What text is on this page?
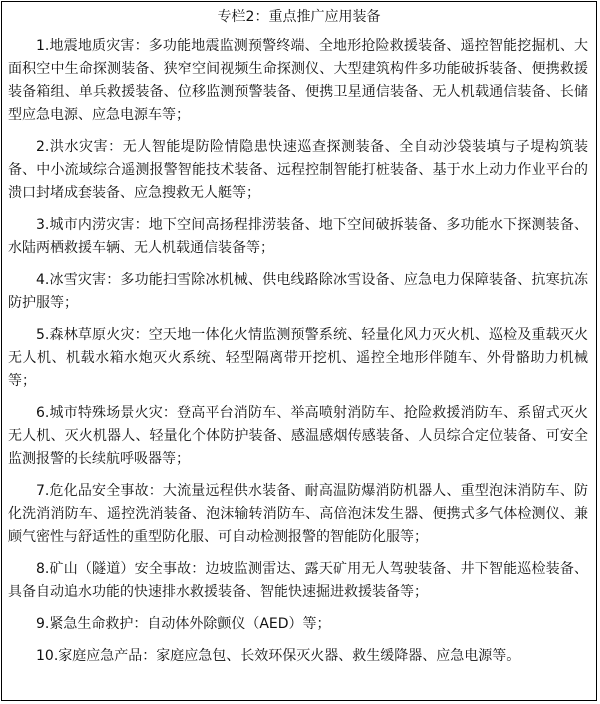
专栏2：重点推广应用装备

1.地震地质灾害：多功能地震监测预警终端、全地形抢险救援装备、遥控智能挖掘机、大面积空中生命探测装备、狭窄空间视频生命探测仪、大型建筑构件多功能破拆装备、便携救援装备箱组、单兵救援装备、位移监测预警装备、便携卫星通信装备、无人机载通信装备、长储型应急电源、应急电源车等；

2.洪水灾害：无人智能堤防险情隐患快速巡查探测装备、全自动沙袋装填与子堤构筑装备、中小流域综合遥测报警智能技术装备、远程控制智能打桩装备、基于水上动力作业平台的溃口封堵成套装备、应急搜救无人艇等；

3.城市内涝灾害：地下空间高扬程排涝装备、地下空间破拆装备、多功能水下探测装备、水陆两栖救援车辆、无人机载通信装备等；

4.冰雪灾害：多功能扫雪除冰机械、供电线路除冰雪设备、应急电力保障装备、抗寒抗冻防护服等；

5.森林草原火灾：空天地一体化火情监测预警系统、轻量化风力灭火机、巡检及重载灭火无人机、机载水箱水炮灭火系统、轻型隔离带开挖机、遥控全地形伴随车、外骨骼助力机械等；

6.城市特殊场景火灾：登高平台消防车、举高喷射消防车、抢险救援消防车、系留式灭火无人机、灭火机器人、轻量化个体防护装备、感温感烟传感装备、人员综合定位装备、可安全监测报警的长续航呼吸器等；

7.危化品安全事故：大流量远程供水装备、耐高温防爆消防机器人、重型泡沫消防车、防化洗消消防车、遥控洗消装备、泡沫输转消防车、高倍泡沫发生器、便携式多气体检测仪、兼顾气密性与舒适性的重型防化服、可自动检测报警的智能防化服等；

8.矿山（隧道）安全事故：边坡监测雷达、露天矿用无人驾驶装备、井下智能巡检装备、具备自动追水功能的快速排水救援装备、智能快速掘进救援装备等；

9.紧急生命救护：自动体外除颤仪（AED）等；

10.家庭应急产品：家庭应急包、长效环保灭火器、救生缓降器、应急电源等。
